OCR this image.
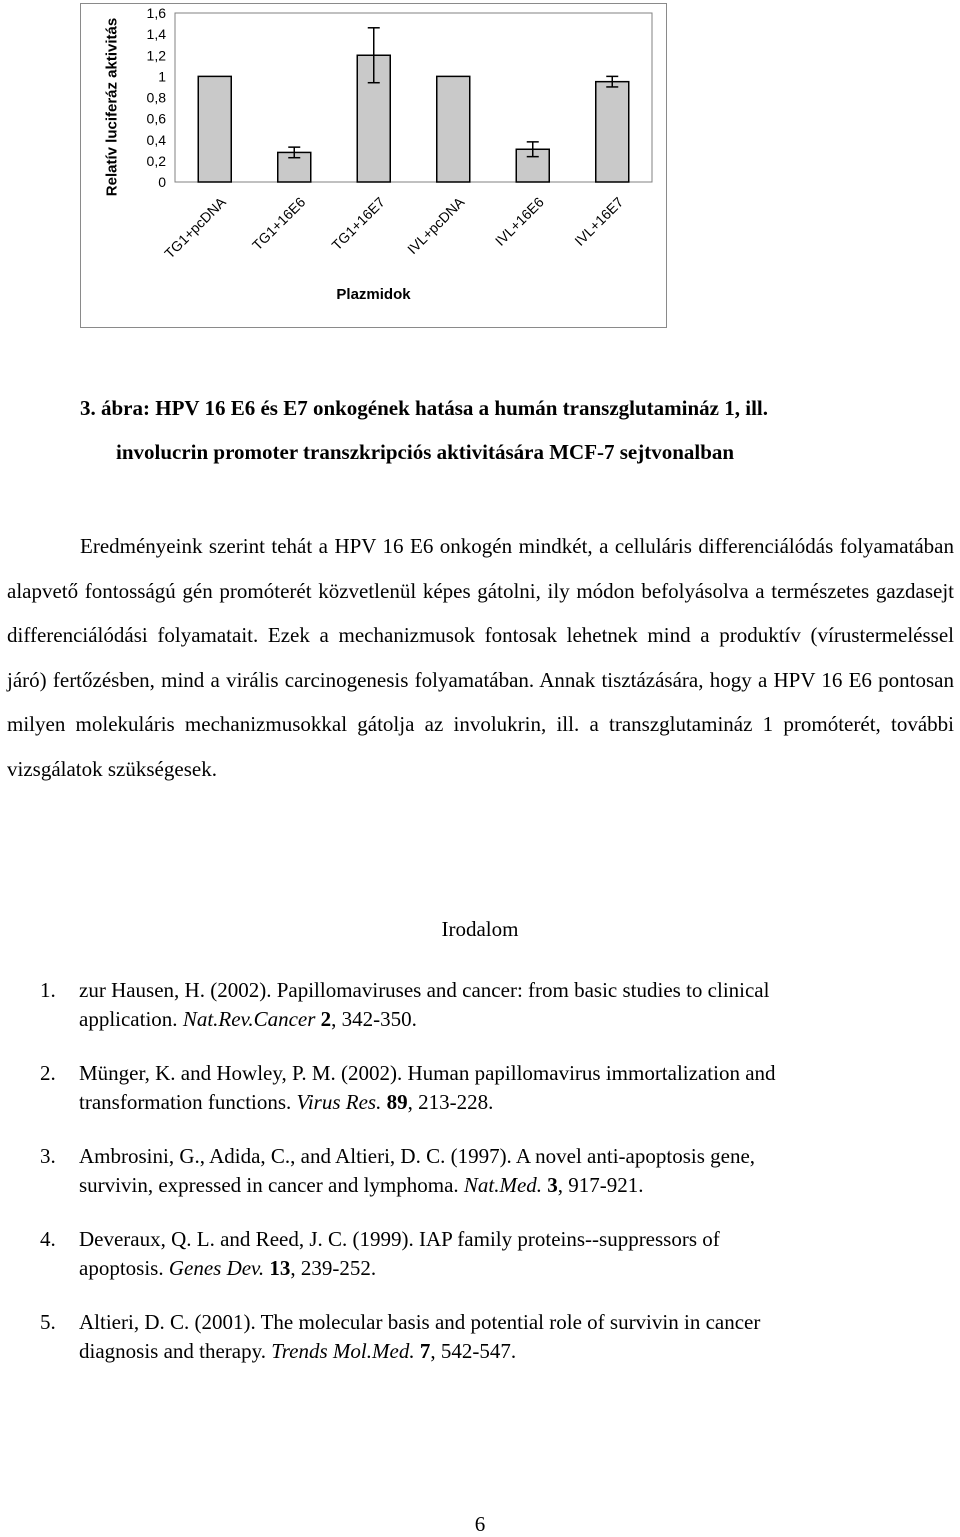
1,6
1,4
1,2
1
0,8
0,6
0,4
0,2
0
TG1+pcDNA TG1+16E6 TG1+16E7 IVL+pcDNA IVL+16E6 IVL+16E7
Relatív luciferáz aktivitás
Plazmidok
3. ábra: HPV 16 E6 és E7 onkogének hatása a humán transzglutamináz 1, ill.
involucrin promoter transzkripciós aktivitására MCF-7 sejtvonalban

Eredményeink szerint tehát a HPV 16 E6 onkogén mindkét, a celluláris differenciálódás folyamatában alapvető fontosságú gén promóterét közvetlenül képes gátolni, ily módon befolyásolva a természetes gazdasejt differenciálódási folyamatait. Ezek a mechanizmusok fontosak lehetnek mind a produktív (vírustermeléssel járó) fertőzésben, mind a virális carcinogenesis folyamatában. Annak tisztázására, hogy a HPV 16 E6 pontosan milyen molekuláris mechanizmusokkal gátolja az involukrin, ill. a transzglutamináz 1 promóterét, további vizsgálatok szükségesek.

Irodalom
1. zur Hausen, H. (2002). Papillomaviruses and cancer: from basic studies to clinical
application. Nat.Rev.Cancer 2, 342-350.
2. Münger, K. and Howley, P. M. (2002). Human papillomavirus immortalization and
transformation functions. Virus Res. 89, 213-228.
3. Ambrosini, G., Adida, C., and Altieri, D. C. (1997). A novel anti-apoptosis gene,
survivin, expressed in cancer and lymphoma. Nat.Med. 3, 917-921.
4. Deveraux, Q. L. and Reed, J. C. (1999). IAP family proteins--suppressors of
apoptosis. Genes Dev. 13, 239-252.
5. Altieri, D. C. (2001). The molecular basis and potential role of survivin in cancer
diagnosis and therapy. Trends Mol.Med. 7, 542-547.
6
